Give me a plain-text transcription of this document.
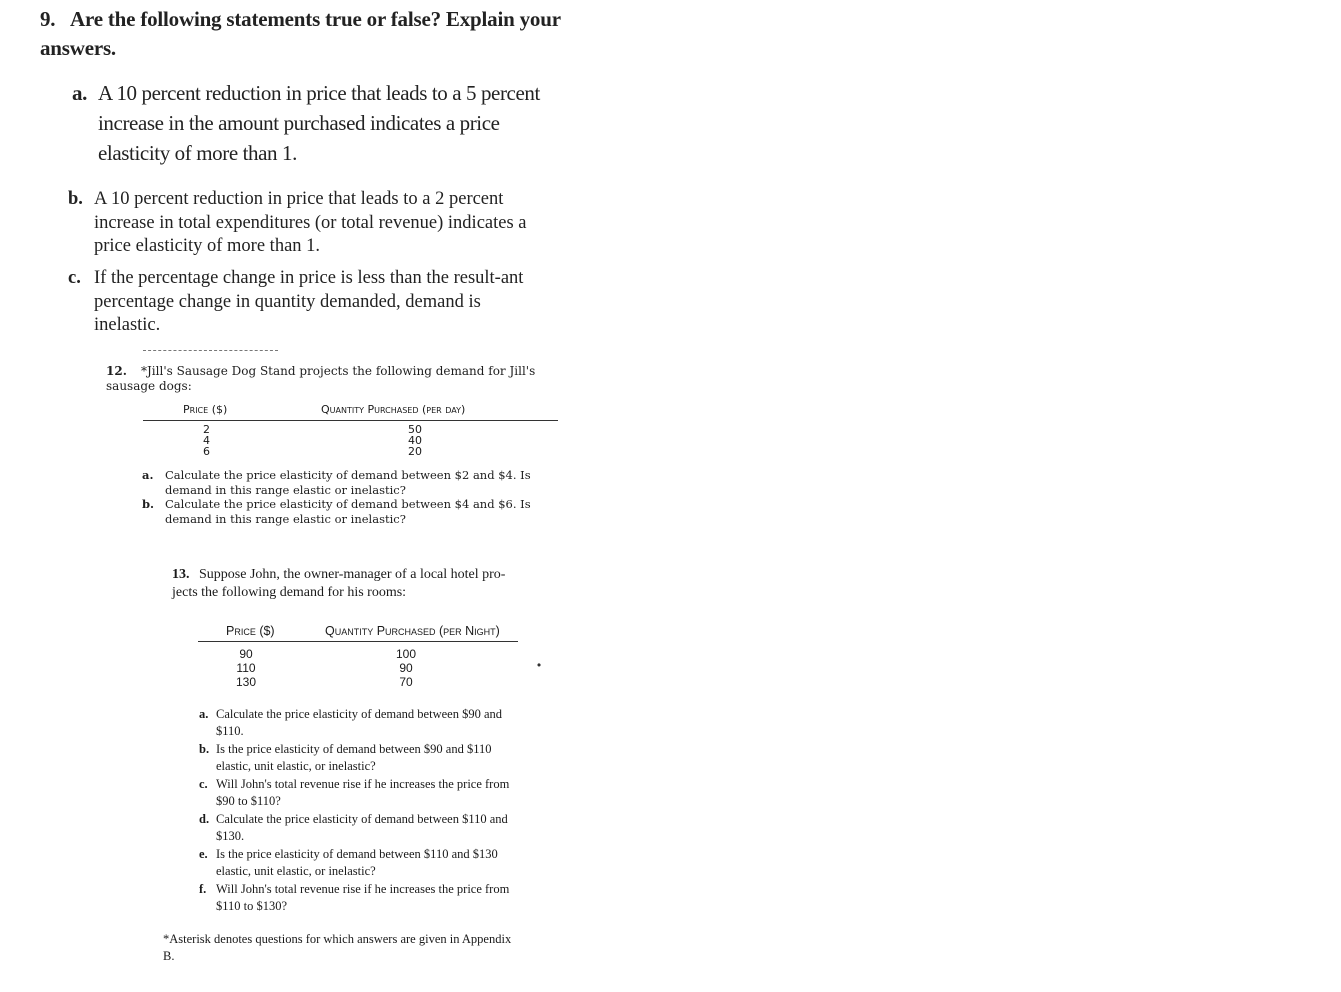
9. Are the following statements true or false? Explain your answers.
a. A 10 percent reduction in price that leads to a 5 percent increase in the amount purchased indicates a price elasticity of more than 1.
b. A 10 percent reduction in price that leads to a 2 percent increase in total expenditures (or total revenue) indicates a price elasticity of more than 1.
c. If the percentage change in price is less than the result-ant percentage change in quantity demanded, demand is inelastic.
12. *Jill's Sausage Dog Stand projects the following demand for Jill's sausage dogs:
Price ($)	Quantity Purchased (per day)
2	50
4	40
6	20
a.	Calculate the price elasticity of demand between $2 and $4. Is demand in this range elastic or inelastic?
b. Calculate the price elasticity of demand between $4 and $6. Is demand in this range elastic or inelastic?
13. Suppose John, the owner-manager of a local hotel pro-jects the following demand for his rooms:
Price ($)	Quantity Purchased (per Night)
90	100
110	90
130	70
•
a. Calculate the price elasticity of demand between $90 and $110.
b. Is the price elasticity of demand between $90 and $110 elastic, unit elastic, or inelastic?
c. Will John's total revenue rise if he increases the price from $90 to $110?
d. Calculate the price elasticity of demand between $110 and $130.
e. Is the price elasticity of demand between $110 and $130 elastic, unit elastic, or inelastic?
f. Will John's total revenue rise if he increases the price from $110 to $130?
*Asterisk denotes questions for which answers are given in Appendix B.
